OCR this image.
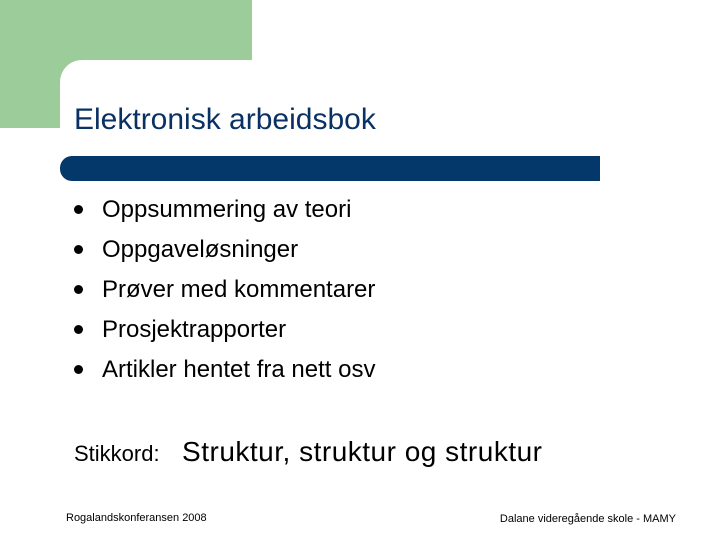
Elektronisk arbeidsbok
Oppsummering av teori
Oppgaveløsninger
Prøver med kommentarer
Prosjektrapporter
Artikler hentet fra nett osv
Stikkord: Struktur, struktur og struktur
Rogalandskonferansen 2008	Dalane videregående skole - MAMY
